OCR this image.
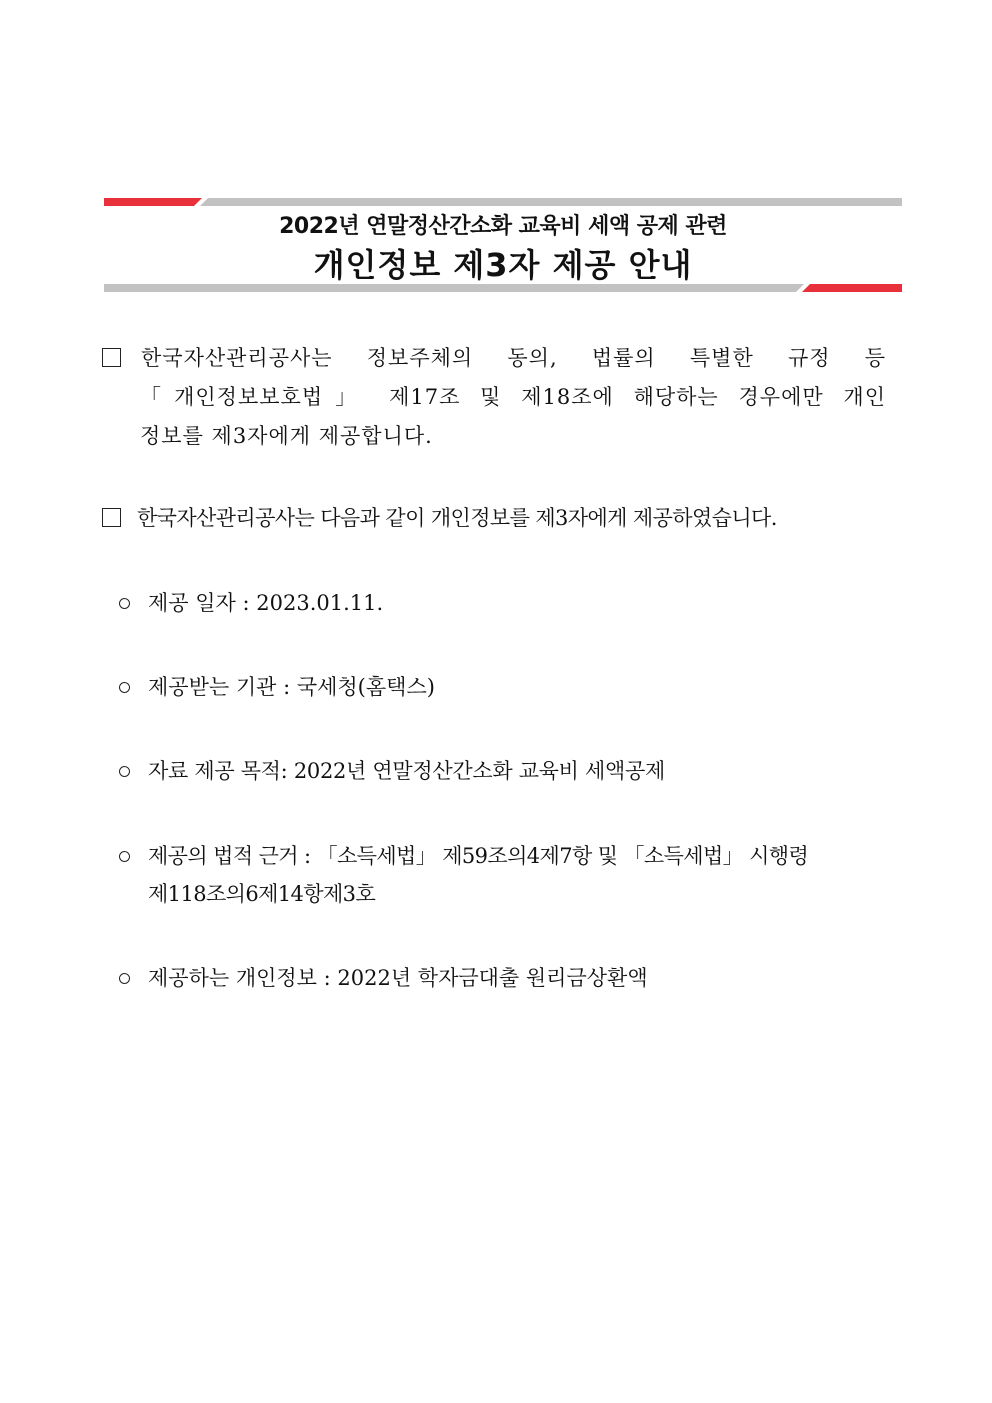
2022년 연말정산간소화 교육비 세액 공제 관련
개인정보 제3자 제공 안내
한국자산관리공사는 정보주체의 동의, 법률의 특별한 규정 등
「개인정보보호법」 제17조 및 제18조에 해당하는 경우에만 개인
정보를 제3자에게 제공합니다.
한국자산관리공사는 다음과 같이 개인정보를 제3자에게 제공하였습니다.
제공 일자 : 2023.01.11.
제공받는 기관 : 국세청(홈택스)
자료 제공 목적: 2022년 연말정산간소화 교육비 세액공제
제공의 법적 근거 : 「소득세법」 제59조의4제7항 및 「소득세법」 시행령
제118조의6제14항제3호
제공하는 개인정보 : 2022년 학자금대출 원리금상환액
